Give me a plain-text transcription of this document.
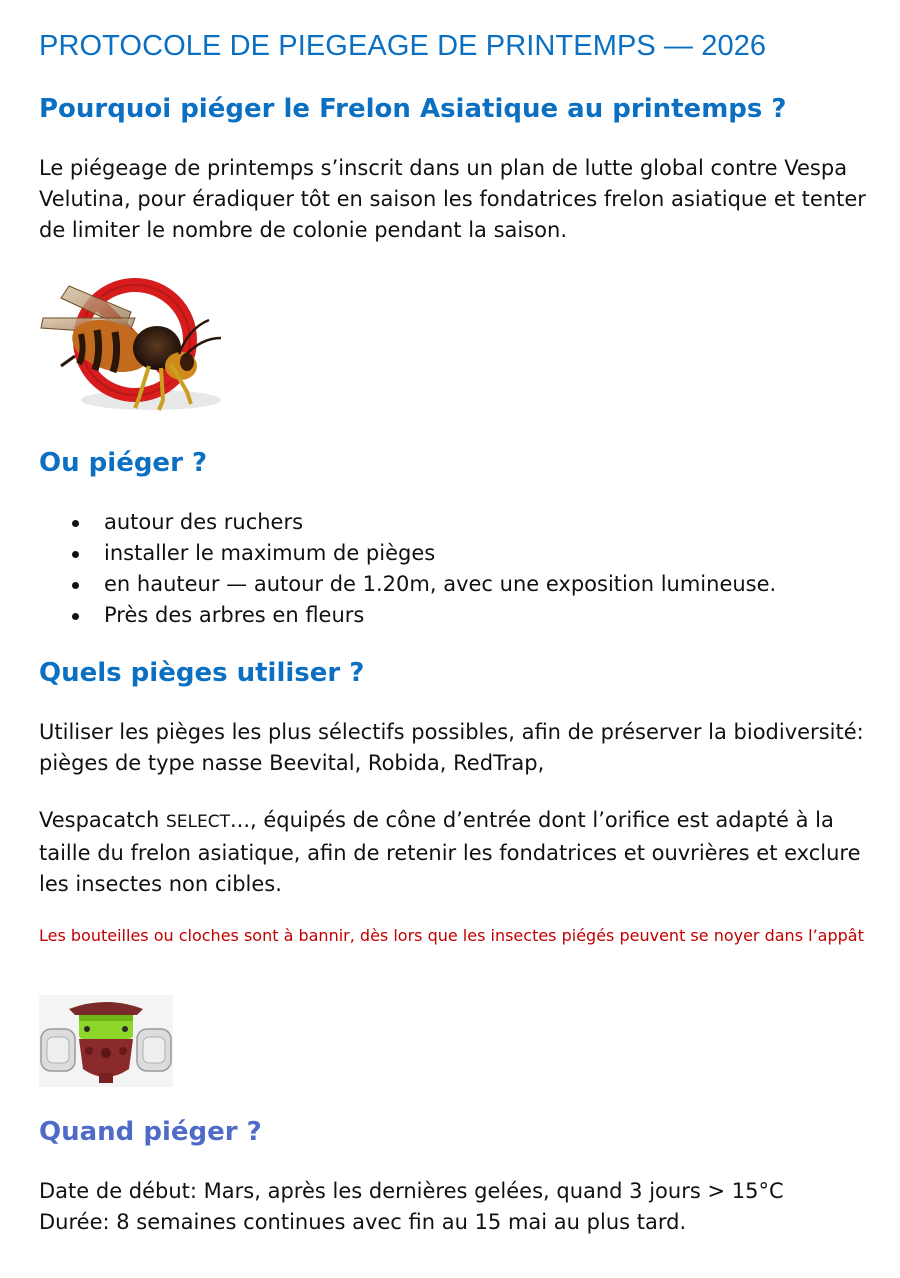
PROTOCOLE DE PIEGEAGE DE PRINTEMPS — 2026
Pourquoi piéger le Frelon Asiatique au printemps ?

Le piégeage de printemps s’inscrit dans un plan de lutte global contre Vespa Velutina, pour éradiquer tôt en saison les fondatrices frelon asiatique et tenter de limiter le nombre de colonie pendant la saison.

Ou piéger ?
autour des ruchers
installer le maximum de pièges
en hauteur — autour de 1.20m, avec une exposition lumineuse.
Près des arbres en fleurs
Quels pièges utiliser ?

Utiliser les pièges les plus sélectifs possibles, afin de préserver la biodiversité: pièges de type nasse Beevital, Robida, RedTrap,

Vespacatch SELECT..., équipés de cône d’entrée dont l’orifice est adapté à la taille du frelon asiatique, afin de retenir les fondatrices et ouvrières et exclure les insectes non cibles.

Les bouteilles ou cloches sont à bannir, dès lors que les insectes piégés peuvent se noyer dans l’appât

Quand piéger ?

Date de début: Mars, après les dernières gelées, quand 3 jours > 15°C

Durée: 8 semaines continues avec fin au 15 mai au plus tard.
